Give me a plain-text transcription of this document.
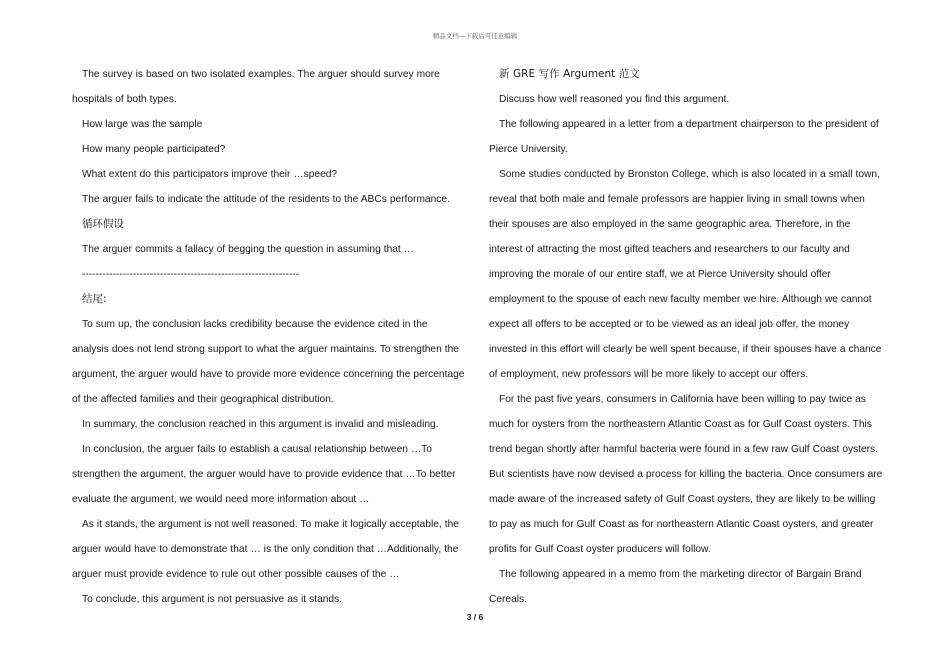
精品文档---下载后可任意编辑

The survey is based on two isolated examples. The arguer should survey more hospitals of both types.

How large was the sample

How many people participated?

What extent do this participators improve their …speed?

The arguer fails to indicate the attitude of the residents to the ABCs performance.

循环假设

The arguer commits a fallacy of begging the question in assuming that …

----------------------------------------------------------------

结尾:

To sum up, the conclusion lacks credibility because the evidence cited in the analysis does not lend strong support to what the arguer maintains. To strengthen the argument, the arguer would have to provide more evidence concerning the percentage of the affected families and their geographical distribution.

In summary, the conclusion reached in this argument is invalid and misleading.

In conclusion, the arguer fails to establish a causal relationship between …To strengthen the argument, the arguer would have to provide evidence that …To better evaluate the argument, we would need more information about …

As it stands, the argument is not well reasoned. To make it logically acceptable, the arguer would have to demonstrate that … is the only condition that …Additionally, the arguer must provide evidence to rule out other possible causes of the …

To conclude, this argument is not persuasive as it stands.

新 GRE 写作 Argument 范文

Discuss how well reasoned you find this argument.

The following appeared in a letter from a department chairperson to the president of Pierce University.

Some studies conducted by Bronston College, which is also located in a small town, reveal that both male and female professors are happier living in small towns when their spouses are also employed in the same geographic area. Therefore, in the interest of attracting the most gifted teachers and researchers to our faculty and improving the morale of our entire staff, we at Pierce University should offer employment to the spouse of each new faculty member we hire. Although we cannot expect all offers to be accepted or to be viewed as an ideal job offer, the money invested in this effort will clearly be well spent because, if their spouses have a chance of employment, new professors will be more likely to accept our offers.

For the past five years, consumers in California have been willing to pay twice as much for oysters from the northeastern Atlantic Coast as for Gulf Coast oysters. This trend began shortly after harmful bacteria were found in a few raw Gulf Coast oysters. But scientists have now devised a process for killing the bacteria. Once consumers are made aware of the increased safety of Gulf Coast oysters, they are likely to be willing to pay as much for Gulf Coast as for northeastern Atlantic Coast oysters, and greater profits for Gulf Coast oyster producers will follow.

The following appeared in a memo from the marketing director of Bargain Brand Cereals.

3 / 6
